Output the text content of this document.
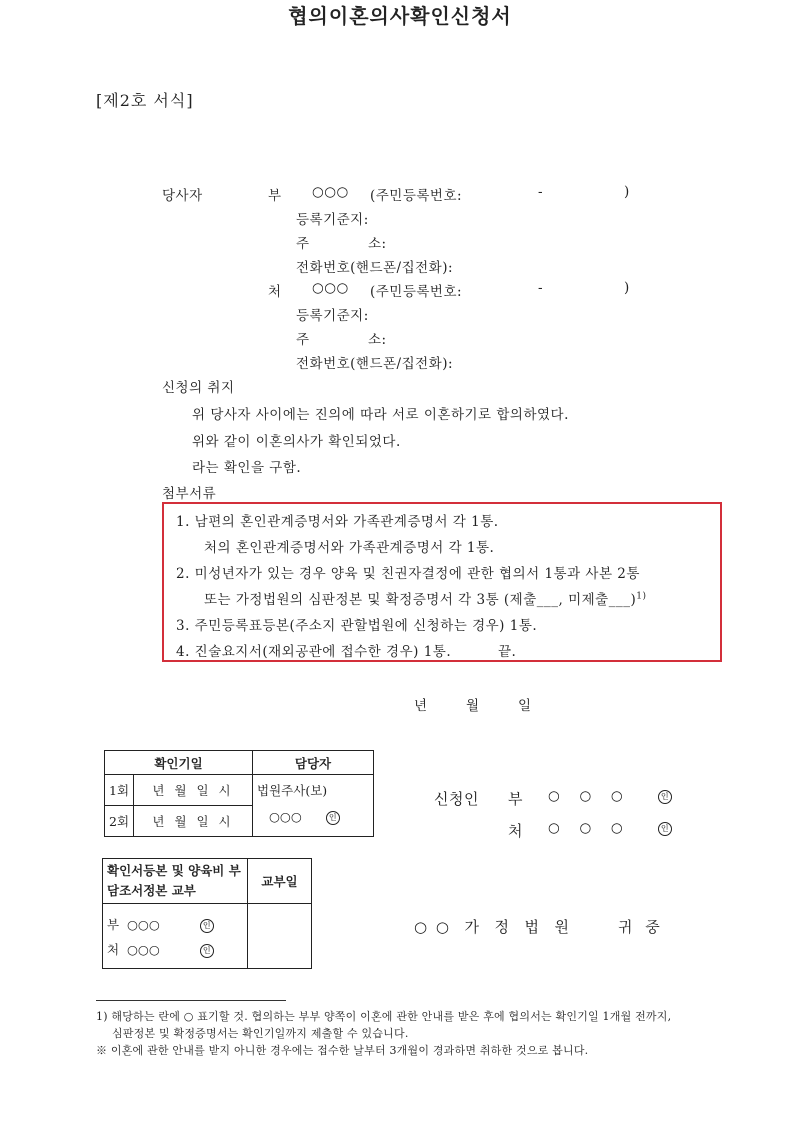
[제2호 서식]
협의이혼의사확인신청서
당사자	부 ○○○ (주민등록번호:	-	)
등록기준지:
주	소:
전화번호(핸드폰/집전화):
처 ○○○ (주민등록번호:	-	)
등록기준지:
주	소:
전화번호(핸드폰/집전화):
신청의 취지
위 당사자 사이에는 진의에 따라 서로 이혼하기로 합의하였다.
위와 같이 이혼의사가 확인되었다.
라는 확인을 구함.
첨부서류
1. 남편의 혼인관계증명서와 가족관계증명서 각 1통.
처의 혼인관계증명서와 가족관계증명서 각 1통.
2. 미성년자가 있는 경우 양육 및 친권자결정에 관한 협의서 1통과 사본 2통
또는 가정법원의 심판정본 및 확정증명서 각 3통 (제출___, 미제출___)$^{1)}$
3. 주민등록표등본(주소지 관할법원에 신청하는 경우) 1통.
4. 진술요지서(재외공관에 접수한 경우) 1통.	끝.
년	월	일
확인기일		담당자
1회	년 월 일 시	법원주사(보)
○○○ 인

2회	년 월 일 시	
신청인 부 ○    ○    ○	인
처 ○    ○    ○	인
확인서등본 및 양육비 부담조서정본 교부	교부일

부  ○○○ 인
처  ○○○ 인	

○ ○  가  정  법  원	귀 중
1) 해당하는 란에 ○ 표기할 것. 협의하는 부부 양쪽이 이혼에 관한 안내를 받은 후에 협의서는 확인기일 1개월 전까지,
심판정본 및 확정증명서는 확인기일까지 제출할 수 있습니다.
※ 이혼에 관한 안내를 받지 아니한 경우에는 접수한 날부터 3개월이 경과하면 취하한 것으로 봅니다.
